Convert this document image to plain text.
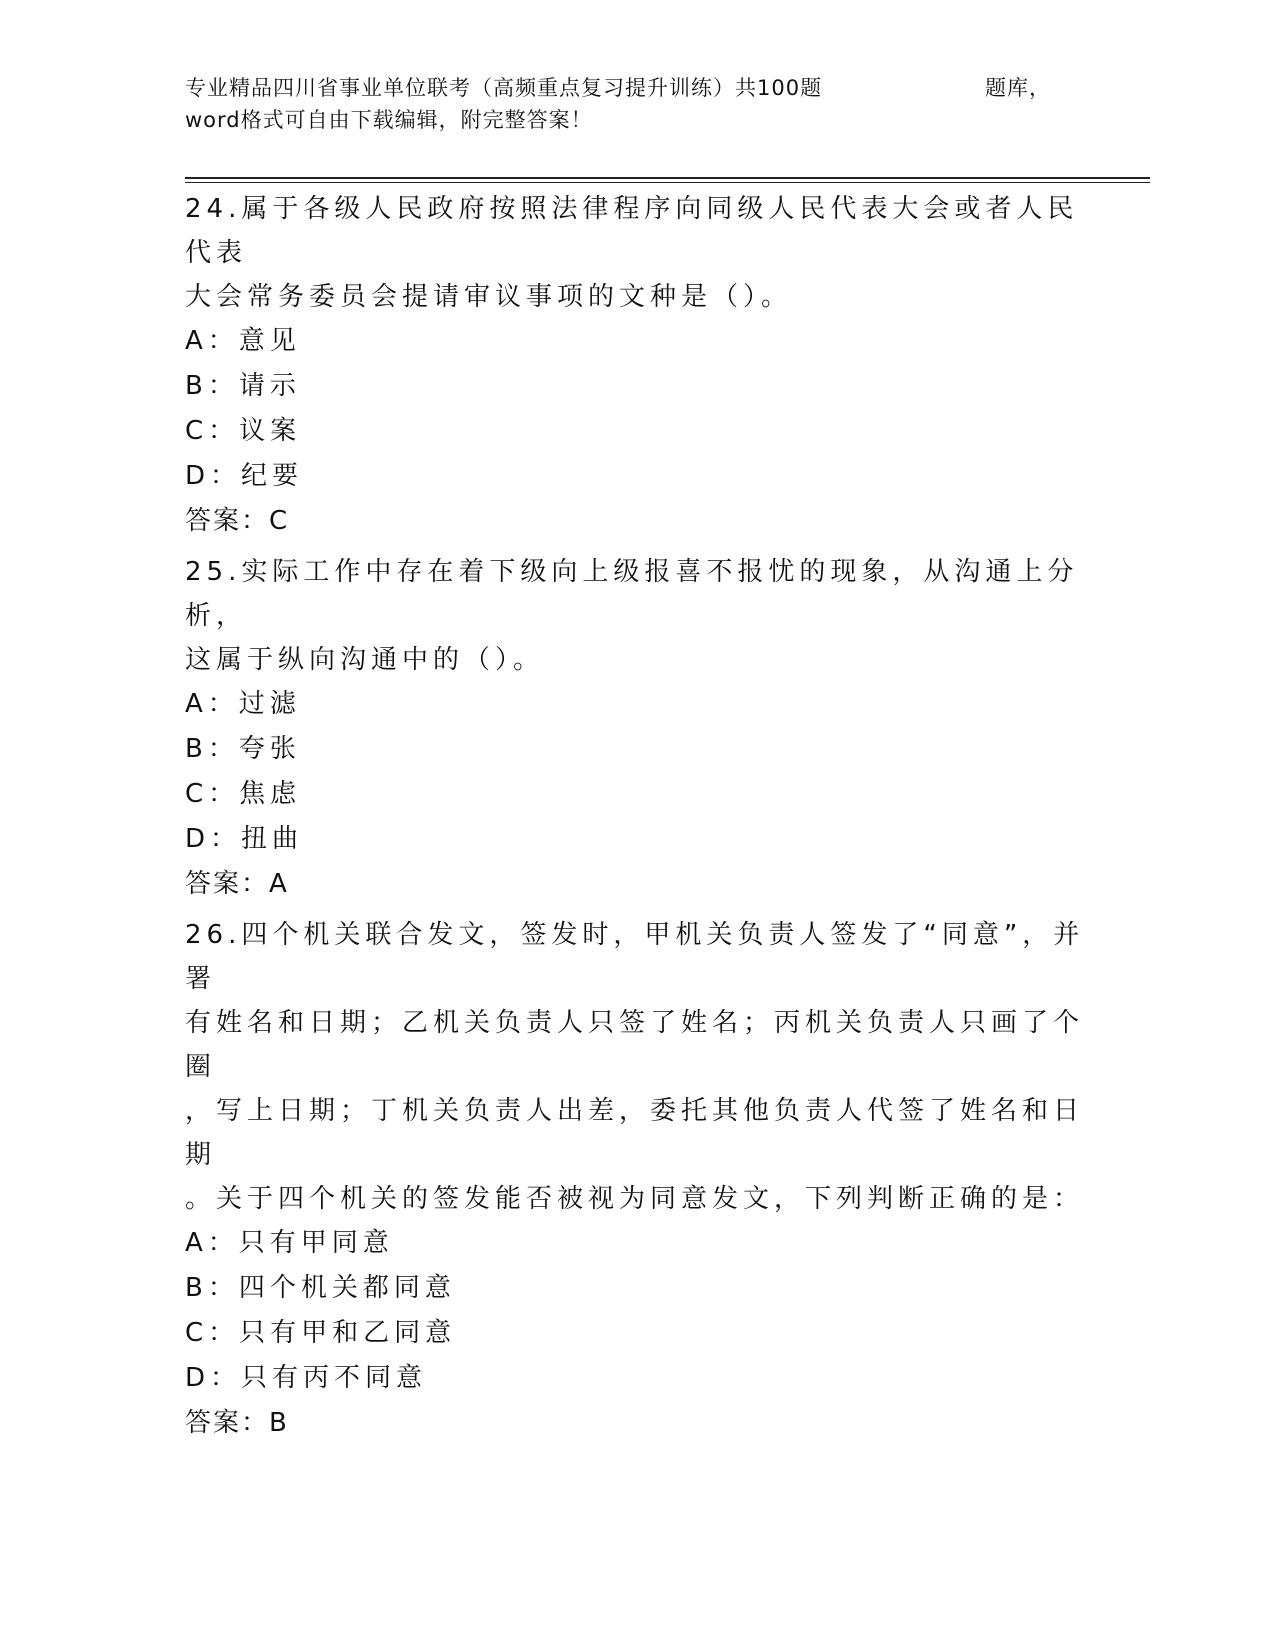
专业精品四川省事业单位联考（高频重点复习提升训练）共100题	题库，
word格式可自由下载编辑，附完整答案！
24.属于各级人民政府按照法律程序向同级人民代表大会或者人民代表
大会常务委员会提请审议事项的文种是（）。
A：意见
B：请示
C：议案
D：纪要
答案：C
25.实际工作中存在着下级向上级报喜不报忧的现象，从沟通上分析，
这属于纵向沟通中的（）。
A：过滤
B：夸张
C：焦虑
D：扭曲
答案：A
26.四个机关联合发文，签发时，甲机关负责人签发了“同意”，并署
有姓名和日期；乙机关负责人只签了姓名；丙机关负责人只画了个圈
，写上日期；丁机关负责人出差，委托其他负责人代签了姓名和日期
。关于四个机关的签发能否被视为同意发文，下列判断正确的是：
A：只有甲同意
B：四个机关都同意
C：只有甲和乙同意
D：只有丙不同意
答案：B
